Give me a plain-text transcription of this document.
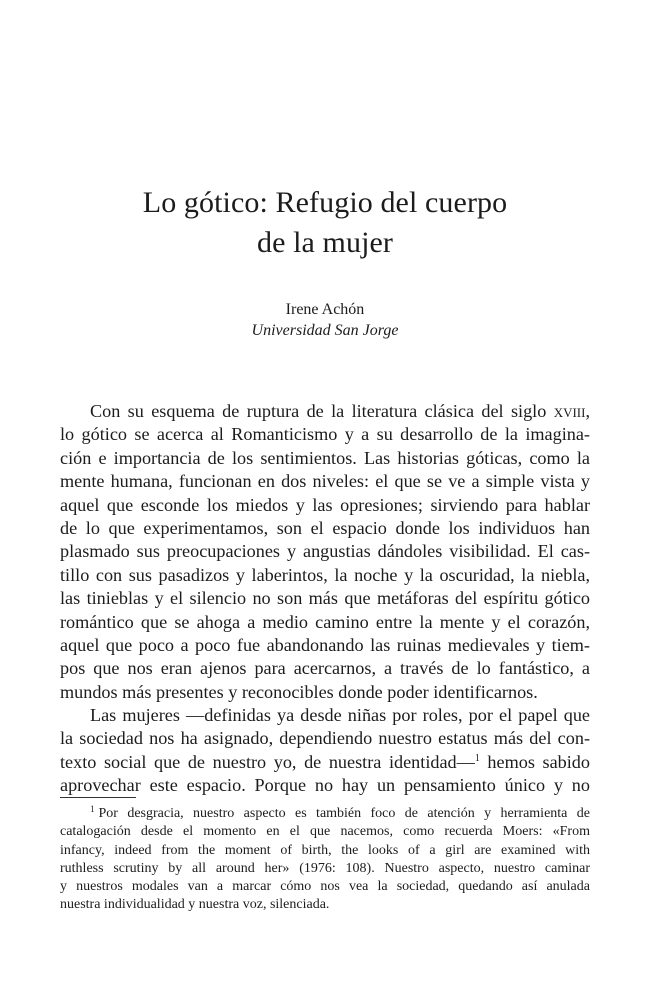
Lo gótico: Refugio del cuerpo
de la mujer
Irene Achón
Universidad San Jorge
Con su esquema de ruptura de la literatura clásica del siglo xviii,
lo gótico se acerca al Romanticismo y a su desarrollo de la imagina-
ción e importancia de los sentimientos. Las historias góticas, como la
mente humana, funcionan en dos niveles: el que se ve a simple vista y
aquel que esconde los miedos y las opresiones; sirviendo para hablar
de lo que experimentamos, son el espacio donde los individuos han
plasmado sus preocupaciones y angustias dándoles visibilidad. El cas-
tillo con sus pasadizos y laberintos, la noche y la oscuridad, la niebla,
las tinieblas y el silencio no son más que metáforas del espíritu gótico
romántico que se ahoga a medio camino entre la mente y el corazón,
aquel que poco a poco fue abandonando las ruinas medievales y tiem-
pos que nos eran ajenos para acercarnos, a través de lo fantástico, a
mundos más presentes y reconocibles donde poder identificarnos.
Las mujeres —definidas ya desde niñas por roles, por el papel que
la sociedad nos ha asignado, dependiendo nuestro estatus más del con-
texto social que de nuestro yo, de nuestra identidad—$^1$ hemos sabido
aprovechar este espacio. Porque no hay un pensamiento único y no
$^1$ Por desgracia, nuestro aspecto es también foco de atención y herramienta de
catalogación desde el momento en el que nacemos, como recuerda Moers: «From
infancy, indeed from the moment of birth, the looks of a girl are examined with
ruthless scrutiny by all around her» (1976: 108). Nuestro aspecto, nuestro caminar
y nuestros modales van a marcar cómo nos vea la sociedad, quedando así anulada
nuestra individualidad y nuestra voz, silenciada.
